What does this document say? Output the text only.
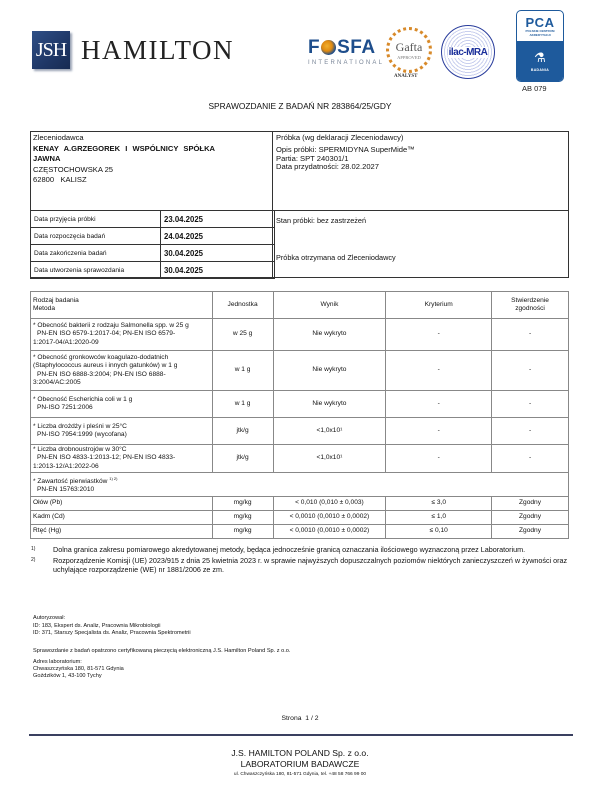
JSH HAMILTON	F SFA
INTERNATIONAL
Gafta
APPROVED
ANALYST
ilac-MRA
PCA
POLSKIE CENTRUM
AKREDYTACJI
⚗
BADANIA
AB 079
SPRAWOZDANIE Z BADAŃ NR 283864/25/GDY
Zleceniodawca
KENAY A.GRZEGOREK I WSPÓLNICY SPÓŁKA
JAWNA
CZĘSTOCHOWSKA 25
62800   KALISZ
Próbka (wg deklaracji Zleceniodawcy)
Opis próbki: SPERMIDYNA SuperMide™
Partia: SPT 240301/1
Data przydatności: 28.02.2027
Data przyjęcia próbki	23.04.2025
Data rozpoczęcia badań	24.04.2025
Data zakończenia badań	30.04.2025
Data utworzenia sprawozdania	30.04.2025
Stan próbki: bez zastrzeżeń
Próbka otrzymana od Zleceniodawcy
Rodzaj badania
Metoda
	Jednostka	Wynik	Kryterium	
Stwierdzenie
zgodności

* Obecność bakterii z rodzaju Salmonella spp. w 25 g
PN-EN ISO 6579-1:2017-04; PN-EN ISO 6579-
1:2017-04/A1:2020-09	w 25 g	Nie wykryto	-	-

* Obecność gronkowców koagulazo-dodatnich
(Staphylococcus aureus i innych gatunków) w 1 g
PN-EN ISO 6888-3:2004; PN-EN ISO 6888-
3:2004/AC:2005	w 1 g	Nie wykryto	-	-

* Obecność Escherichia coli w 1 g
PN-ISO 7251:2006	w 1 g	Nie wykryto	-	-

* Liczba drożdży i pleśni w 25°C
PN-ISO 7954:1999 (wycofana)	jtk/g	<1,0x10¹	-	-

* Liczba drobnoustrojów w 30°C
PN-EN ISO 4833-1:2013-12; PN-EN ISO 4833-
1:2013-12/A1:2022-06	jtk/g	<1,0x10¹	-	-

* Zawartość pierwiastków $^{1) 2)}$
PN-EN 15763:2010				
Ołów (Pb)	mg/kg	< 0,010 (0,010 ± 0,003)	≤ 3,0	Zgodny
Kadm (Cd)	mg/kg	< 0,0010 (0,0010 ± 0,0002)	≤ 1,0	Zgodny
Rtęć (Hg)	mg/kg	< 0,0010 (0,0010 ± 0,0002)	≤ 0,10	Zgodny
1)	Dolna granica zakresu pomiarowego akredytowanej metody, będąca jednocześnie granicą oznaczania ilościowego wyznaczoną przez Laboratorium.
2)	Rozporządzenie Komisji (UE) 2023/915 z dnia 25 kwietnia 2023 r. w sprawie najwyższych dopuszczalnych poziomów niektórych zanieczyszczeń w żywności oraz uchylające rozporządzenie (WE) nr 1881/2006 ze zm.
Autoryzował:
ID: 183, Ekspert ds. Analiz, Pracownia Mikrobiologii
ID: 371, Starszy Specjalista ds. Analiz, Pracownia Spektrometrii
Sprawozdanie z badań opatrzono certyfikowaną pieczęcią elektroniczną J.S. Hamilton Poland Sp. z o.o.
Adres laboratorium:
Chwaszczyńska 180, 81-571 Gdynia
Goździków 1, 43-100 Tychy
Strona  1 / 2
J.S. HAMILTON POLAND Sp. z o.o.
LABORATORIUM BADAWCZE
ul. Chwaszczyńska 180, 81-571 Gdynia, tel. +48 58 766 99 00
